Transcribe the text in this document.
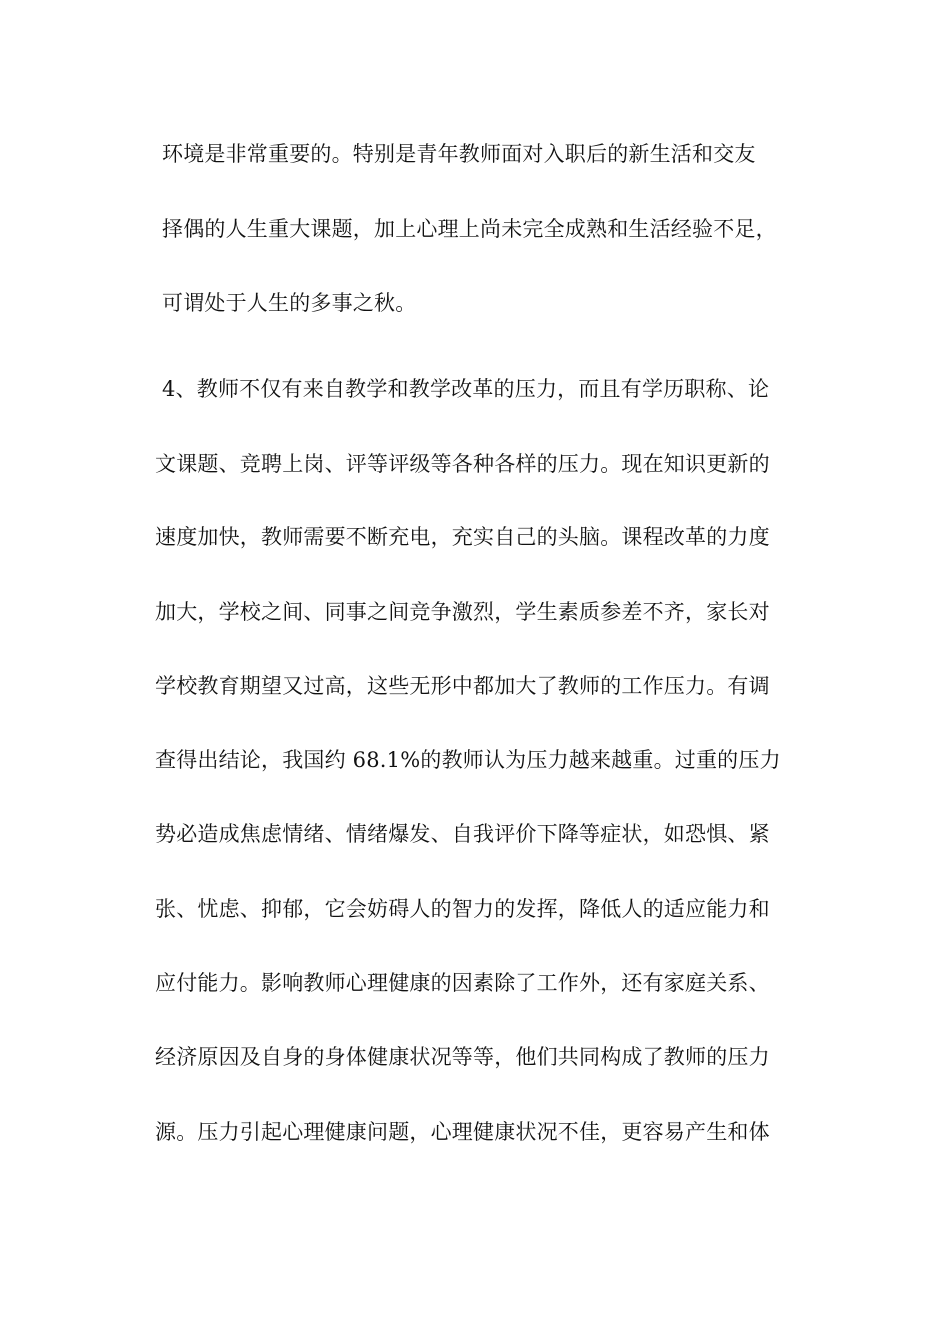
环境是非常重要的。特别是青年教师面对入职后的新生活和交友
择偶的人生重大课题，加上心理上尚未完全成熟和生活经验不足，
可谓处于人生的多事之秋。
4、教师不仅有来自教学和教学改革的压力，而且有学历职称、论
文课题、竞聘上岗、评等评级等各种各样的压力。现在知识更新的
速度加快，教师需要不断充电，充实自己的头脑。课程改革的力度
加大，学校之间、同事之间竞争激烈，学生素质参差不齐，家长对
学校教育期望又过高，这些无形中都加大了教师的工作压力。有调
查得出结论，我国约 68.1%的教师认为压力越来越重。过重的压力
势必造成焦虑情绪、情绪爆发、自我评价下降等症状，如恐惧、紧
张、忧虑、抑郁，它会妨碍人的智力的发挥，降低人的适应能力和
应付能力。影响教师心理健康的因素除了工作外，还有家庭关系、
经济原因及自身的身体健康状况等等，他们共同构成了教师的压力
源。压力引起心理健康问题，心理健康状况不佳，更容易产生和体
